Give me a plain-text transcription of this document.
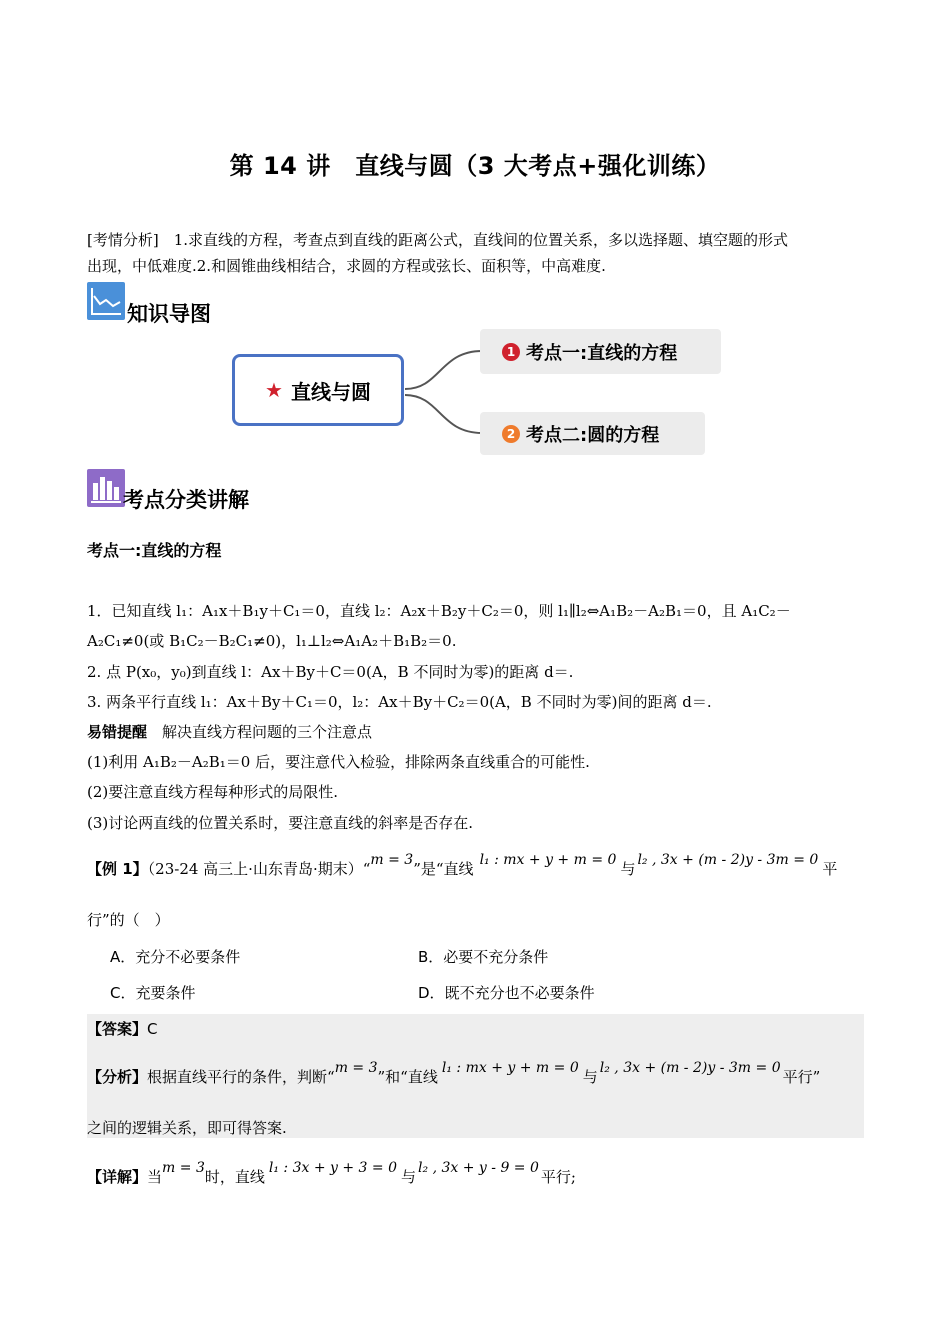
第 14 讲　直线与圆（3 大考点+强化训练）
[考情分析]　1.求直线的方程，考查点到直线的距离公式，直线间的位置关系，多以选择题、填空题的形式
出现，中低难度.2.和圆锥曲线相结合，求圆的方程或弦长、面积等，中高难度.
知识导图
★ 直线与圆
1 考点一:直线的方程
2 考点二:圆的方程
考点分类讲解
考点一:直线的方程
1．已知直线 l₁：A₁x＋B₁y＋C₁＝0，直线 l₂：A₂x＋B₂y＋C₂＝0，则 l₁∥l₂⇔A₁B₂－A₂B₁＝0，且 A₁C₂－
A₂C₁≠0(或 B₁C₂－B₂C₁≠0)，l₁⊥l₂⇔A₁A₂＋B₁B₂＝0.
2. 点 P(x₀，y₀)到直线 l：Ax＋By＋C＝0(A，B 不同时为零)的距离 d＝.
3. 两条平行直线 l₁：Ax＋By＋C₁＝0，l₂：Ax＋By＋C₂＝0(A，B 不同时为零)间的距离 d＝.
易错提醒　解决直线方程问题的三个注意点
(1)利用 A₁B₂－A₂B₁＝0 后，要注意代入检验，排除两条直线重合的可能性.
(2)要注意直线方程每种形式的局限性.
(3)讨论两直线的位置关系时，要注意直线的斜率是否存在.
【例 1】（23-24 高三上·山东青岛·期末）“m = 3”是“直线 l₁ : mx + y + m = 0 与 l₂ , 3x + (m - 2)y - 3m = 0 平
行”的（　）
A．充分不必要条件	B．必要不充分条件
C．充要条件	D．既不充分也不必要条件
【答案】C
【分析】根据直线平行的条件，判断“m = 3”和“直线 l₁ : mx + y + m = 0 与 l₂ , 3x + (m - 2)y - 3m = 0 平行”
之间的逻辑关系，即可得答案.
【详解】当m = 3时，直线 l₁ : 3x + y + 3 = 0 与 l₂ , 3x + y - 9 = 0 平行;
